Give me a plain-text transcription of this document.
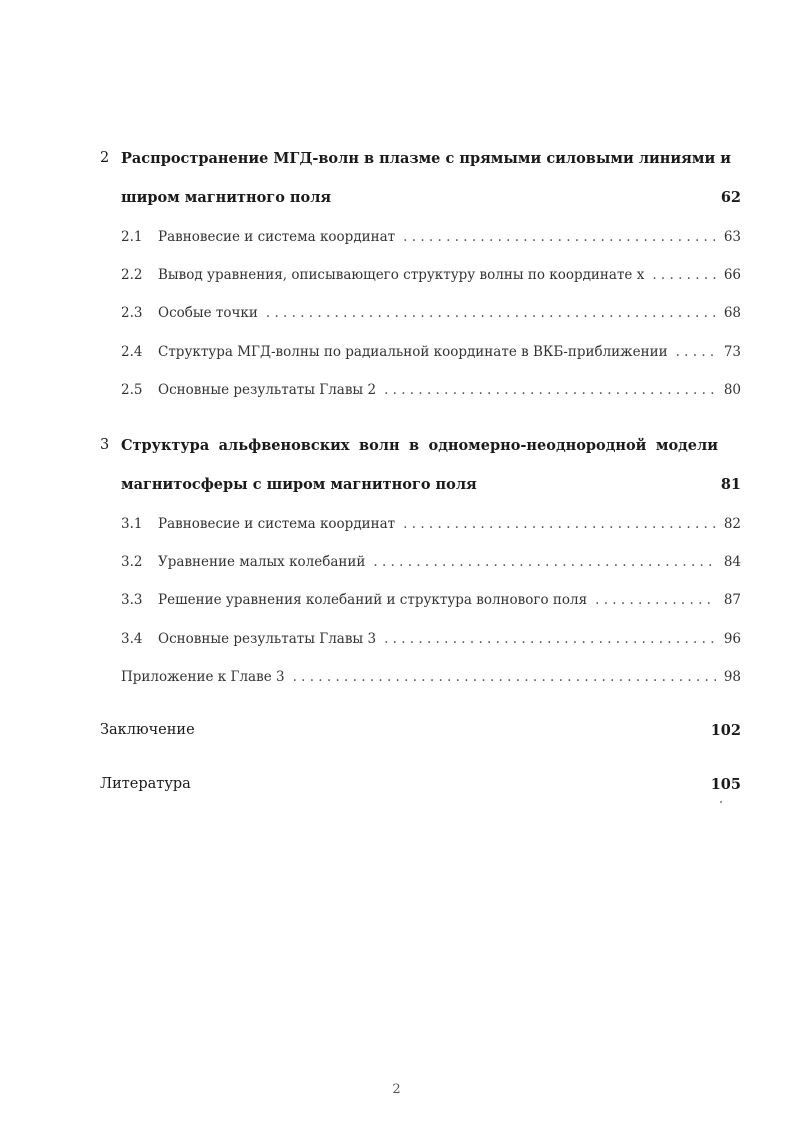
2 Распространение МГД-волн в плазме с прямыми силовыми линиями и
широм магнитного поля	62
2.1 Равновесие и система координат . . .	63
2.2 Вывод уравнения, описывающего структуру волны по координате x . . .	66
2.3 Особые точки . . .	68
2.4 Структура МГД-волны по радиальной координате в ВКБ-приближении . . .	73
2.5 Основные результаты Главы 2 . . .	80
3 Структура альфвеновских волн в одномерно-неоднородной модели
магнитосферы с широм магнитного поля	81
3.1 Равновесие и система координат . . .	82
3.2 Уравнение малых колебаний . . .	84
3.3 Решение уравнения колебаний и структура волнового поля . . .	87
3.4 Основные результаты Главы 3 . . .	96
Приложение к Главе 3 . . .	98
Заключение	102
Литература	105
2
